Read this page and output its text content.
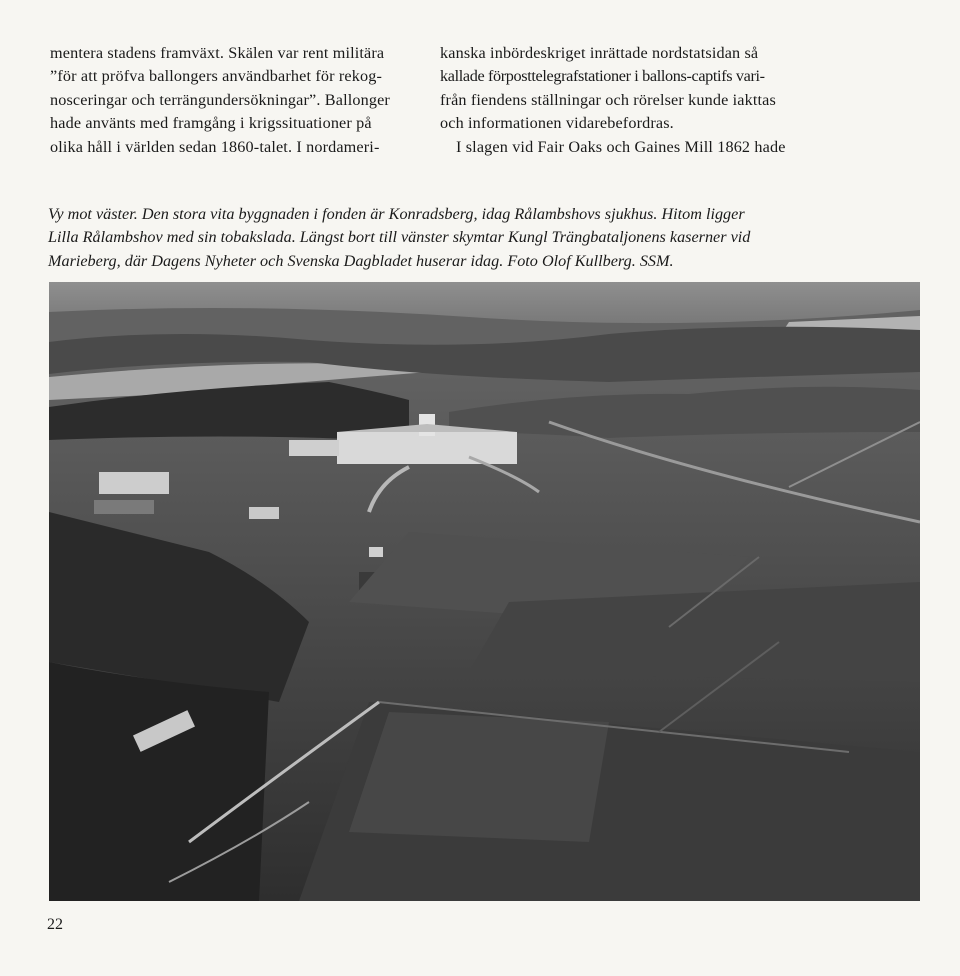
mentera stadens framväxt. Skälen var rent militära

”för att pröfva ballongers användbarhet för rekog-

nosceringar och terrängundersökningar”. Ballonger

hade använts med framgång i krigssituationer på

olika håll i världen sedan 1860-talet. I nordameri-

kanska inbördeskriget inrättade nordstatsidan så

kallade förposttelegrafstationer i ballons-captifs vari-

från fiendens ställningar och rörelser kunde iakttas

och informationen vidarebefordras.

I slagen vid Fair Oaks och Gaines Mill 1862 hade

Vy mot väster. Den stora vita byggnaden i fonden är Konradsberg, idag Rålambshovs sjukhus. Hitom ligger

Lilla Rålambshov med sin tobakslada. Längst bort till vänster skymtar Kungl Trängbataljonens kaserner vid

Marieberg, där Dagens Nyheter och Svenska Dagbladet huserar idag. Foto Olof Kullberg. SSM.

22
